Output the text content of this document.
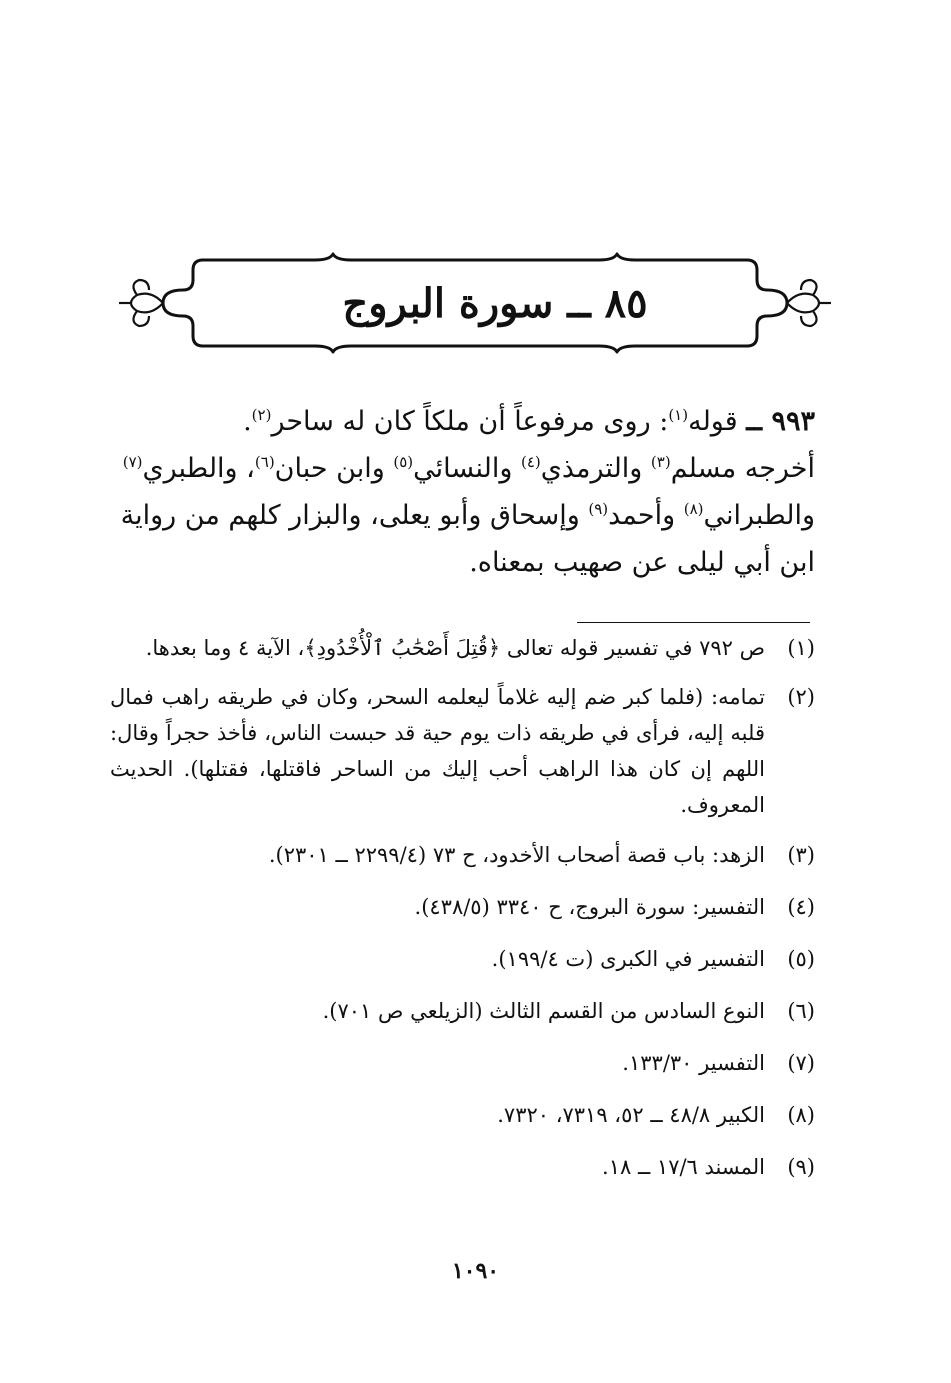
٨٥ ــ سورة البروج
٩٩٣ ــ قوله$^{(١)}$: روى مرفوعاً أن ملكاً كان له ساحر$^{(٢)}$.
أخرجه مسلم$^{(٣)}$ والترمذي$^{(٤)}$ والنسائي$^{(٥)}$ وابن حبان$^{(٦)}$، والطبري$^{(٧)}$
والطبراني$^{(٨)}$ وأحمد$^{(٩)}$ وإسحاق وأبو يعلى، والبزار كلهم من رواية
ابن أبي ليلى عن صهيب بمعناه.
(١)
ص ٧٩٢ في تفسير قوله تعالى ﴿قُتِلَ أَصْحَٰبُ ٱلْأُخْدُودِ﴾، الآية ٤ وما بعدها.
(٢)
تمامه: (فلما كبر ضم إليه غلاماً ليعلمه السحر، وكان في طريقه راهب فمال قلبه إليه، فرأى في طريقه ذات يوم حية قد حبست الناس، فأخذ حجراً وقال: اللهم إن كان هذا الراهب أحب إليك من الساحر فاقتلها، فقتلها). الحديث المعروف.
(٣)
الزهد: باب قصة أصحاب الأخدود، ح ٧٣ (٢٢٩٩/٤ ــ ٢٣٠١).
(٤)
التفسير: سورة البروج، ح ٣٣٤٠ (٤٣٨/٥).
(٥)
التفسير في الكبرى (ت ١٩٩/٤).
(٦)
النوع السادس من القسم الثالث (الزيلعي ص ٧٠١).
(٧)
التفسير ١٣٣/٣٠.
(٨)
الكبير ٤٨/٨ ــ ٥٢، ٧٣١٩، ٧٣٢٠.
(٩)
المسند ١٧/٦ ــ ١٨.
١٠٩٠
